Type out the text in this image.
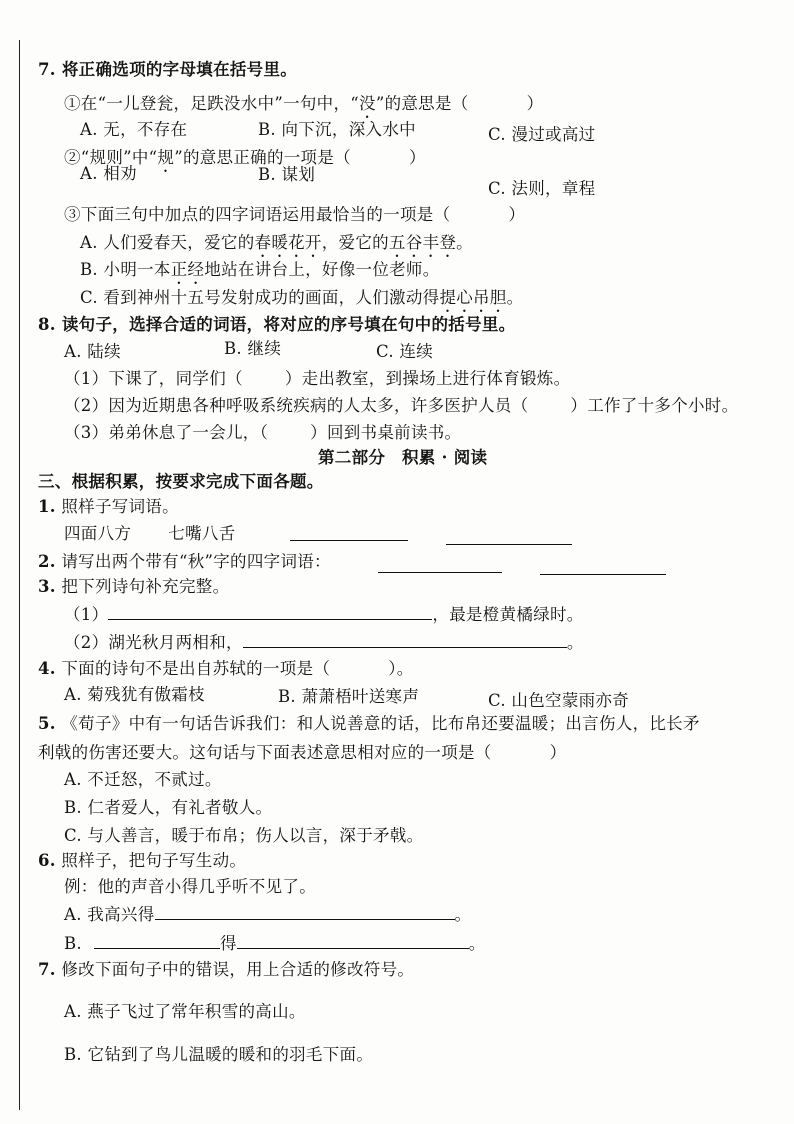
7. 将正确选项的字母填在括号里。
①在“一儿登瓮，足跌没水中”一句中，“没”的意思是（	）
A. 无，不存在	B. 向下沉，深入水中	C. 漫过或高过
②“规则”中“规”的意思正确的一项是（	）
A. 相劝	B. 谋划
C. 法则，章程
③下面三句中加点的四字词语运用最恰当的一项是（	）
A. 人们爱春天，爱它的春暖花开，爱它的五谷丰登。
B. 小明一本正经地站在讲台上，好像一位老师。
C. 看到神州十五号发射成功的画面，人们激动得提心吊胆。
8. 读句子，选择合适的词语，将对应的序号填在句中的括号里。
A. 陆续	B. 继续	C. 连续
（1）下课了，同学们（	）走出教室，到操场上进行体育锻炼。
（2）因为近期患各种呼吸系统疾病的人太多，许多医护人员（	）工作了十多个小时。
（3）弟弟休息了一会儿，（	）回到书桌前读书。
第二部分　积累 · 阅读
三、根据积累，按要求完成下面各题。
1. 照样子写词语。
四面八方 七嘴八舌
2. 请写出两个带有“秋”字的四字词语：
3. 把下列诗句补充完整。
（1）	，最是橙黄橘绿时。
（2）湖光秋月两相和，	。
4. 下面的诗句不是出自苏轼的一项是（	）。
A. 菊残犹有傲霜枝	B. 萧萧梧叶送寒声	C. 山色空蒙雨亦奇
5. 《荀子》中有一句话告诉我们：和人说善意的话，比布帛还要温暖；出言伤人，比长矛
利戟的伤害还要大。这句话与下面表述意思相对应的一项是（	）
A. 不迁怒，不贰过。
B. 仁者爱人，有礼者敬人。
C. 与人善言，暖于布帛；伤人以言，深于矛戟。
6. 照样子，把句子写生动。
例：他的声音小得几乎听不见了。
A. 我高兴得	。
B.	得	。
7. 修改下面句子中的错误，用上合适的修改符号。
A. 燕子飞过了常年积雪的高山。
B. 它钻到了鸟儿温暖的暖和的羽毛下面。
